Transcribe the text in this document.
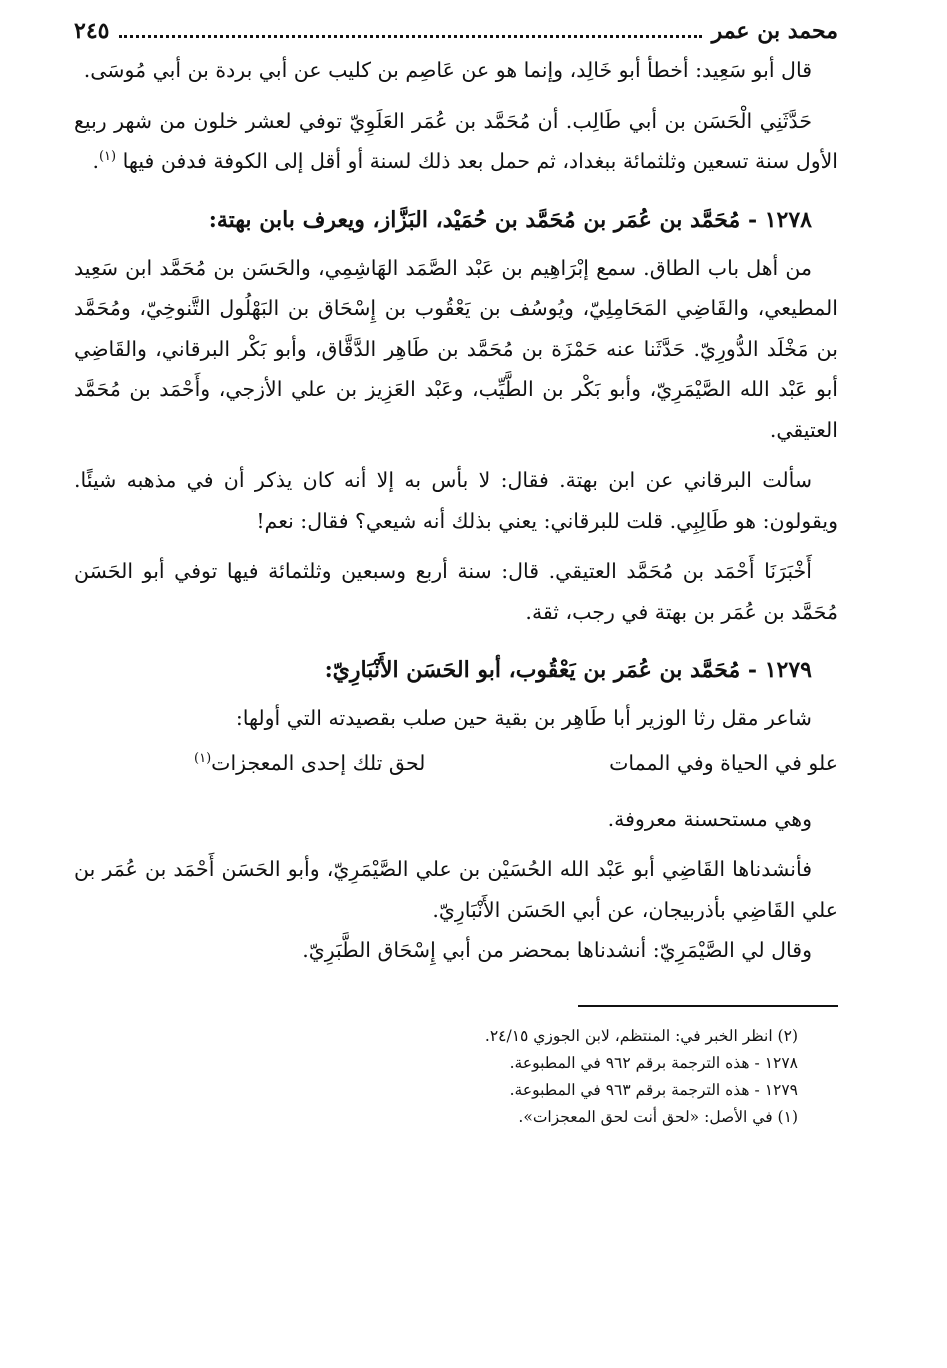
محمد بن عمر
٢٤٥

قال أبو سَعِيد: أخطأ أبو خَالِد، وإنما هو عن عَاصِم بن كليب عن أبي بردة بن أبي مُوسَى.

حَدَّثَنِي الْحَسَن بن أبي طَالِب. أن مُحَمَّد بن عُمَر العَلَوِيّ توفي لعشر خلون من شهر ربيع الأول سنة تسعين وثلثمائة ببغداد، ثم حمل بعد ذلك لسنة أو أقل إلى الكوفة فدفن فيها $^{(١)}$.

١٢٧٨ - مُحَمَّد بن عُمَر بن مُحَمَّد بن حُمَيْد، البَزَّاز، ويعرف بابن بهتة:

من أهل باب الطاق. سمع إبْرَاهِيم بن عَبْد الصَّمَد الهَاشِمِي، والحَسَن بن مُحَمَّد ابن سَعِيد المطيعي، والقَاضِي المَحَامِلِيّ، ويُوسُف بن يَعْقُوب بن إِسْحَاق بن البَهْلُول التَّنوخِيّ، ومُحَمَّد بن مَخْلَد الدُّورِيّ. حَدَّثَنا عنه حَمْزَة بن مُحَمَّد بن طَاهِر الدَّقَّاق، وأبو بَكْر البرقاني، والقَاضِي أبو عَبْد الله الصَّيْمَرِيّ، وأبو بَكْر بن الطَّيِّب، وعَبْد العَزِيز بن علي الأزجي، وأَحْمَد بن مُحَمَّد العتيقي.

سألت البرقاني عن ابن بهتة. فقال: لا بأس به إلا أنه كان يذكر أن في مذهبه شيئًا. ويقولون: هو طَالِبِي. قلت للبرقاني: يعني بذلك أنه شيعي؟ فقال: نعم!

أَخْبَرَنَا أَحْمَد بن مُحَمَّد العتيقي. قال: سنة أربع وسبعين وثلثمائة فيها توفي أبو الحَسَن مُحَمَّد بن عُمَر بن بهتة في رجب، ثقة.

١٢٧٩ - مُحَمَّد بن عُمَر بن يَعْقُوب، أبو الحَسَن الأَنْبَارِيّ:

شاعر مقل رثا الوزير أبا طَاهِر بن بقية حين صلب بقصيدته التي أولها:

علو في الحياة وفي الممات
لحق تلك إحدى المعجزات$^{(١)}$

وهي مستحسنة معروفة.

فأنشدناها القَاضِي أبو عَبْد الله الحُسَيْن بن علي الصَّيْمَرِيّ، وأبو الحَسَن أَحْمَد بن عُمَر بن علي القَاضِي بأذربيجان، عن أبي الحَسَن الأَنْبَارِيّ.

وقال لي الصَّيْمَرِيّ: أنشدناها بمحضر من أبي إِسْحَاق الطَّبَرِيّ.

(٢) انظر الخبر في: المنتظم، لابن الجوزي ٢٤/١٥.
١٢٧٨ - هذه الترجمة برقم ٩٦٢ في المطبوعة.
١٢٧٩ - هذه الترجمة برقم ٩٦٣ في المطبوعة.
(١) في الأصل: «لحق أنت لحق المعجزات».
